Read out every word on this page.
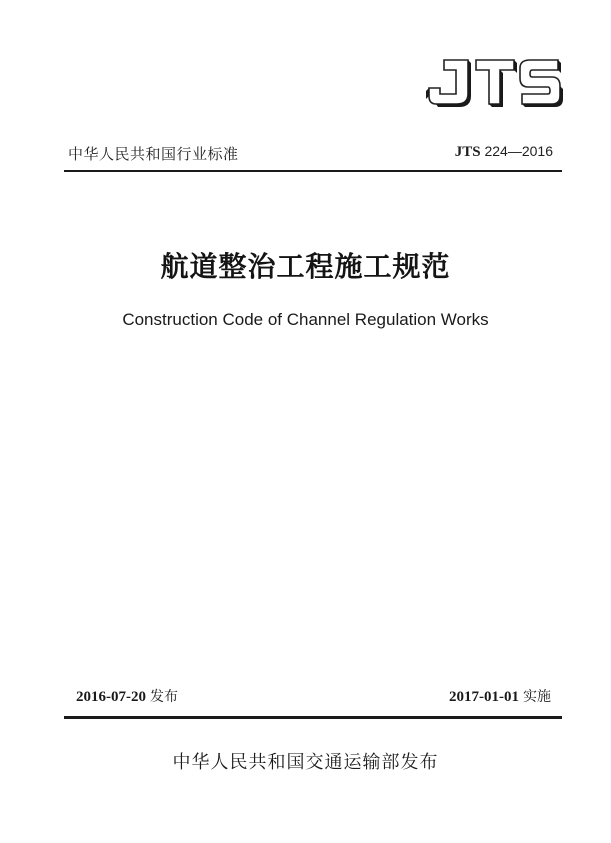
中华人民共和国行业标准	JTS 224—2016
航道整治工程施工规范
Construction Code of Channel Regulation Works
2016-07-20 发布	2017-01-01 实施
中华人民共和国交通运输部发布
